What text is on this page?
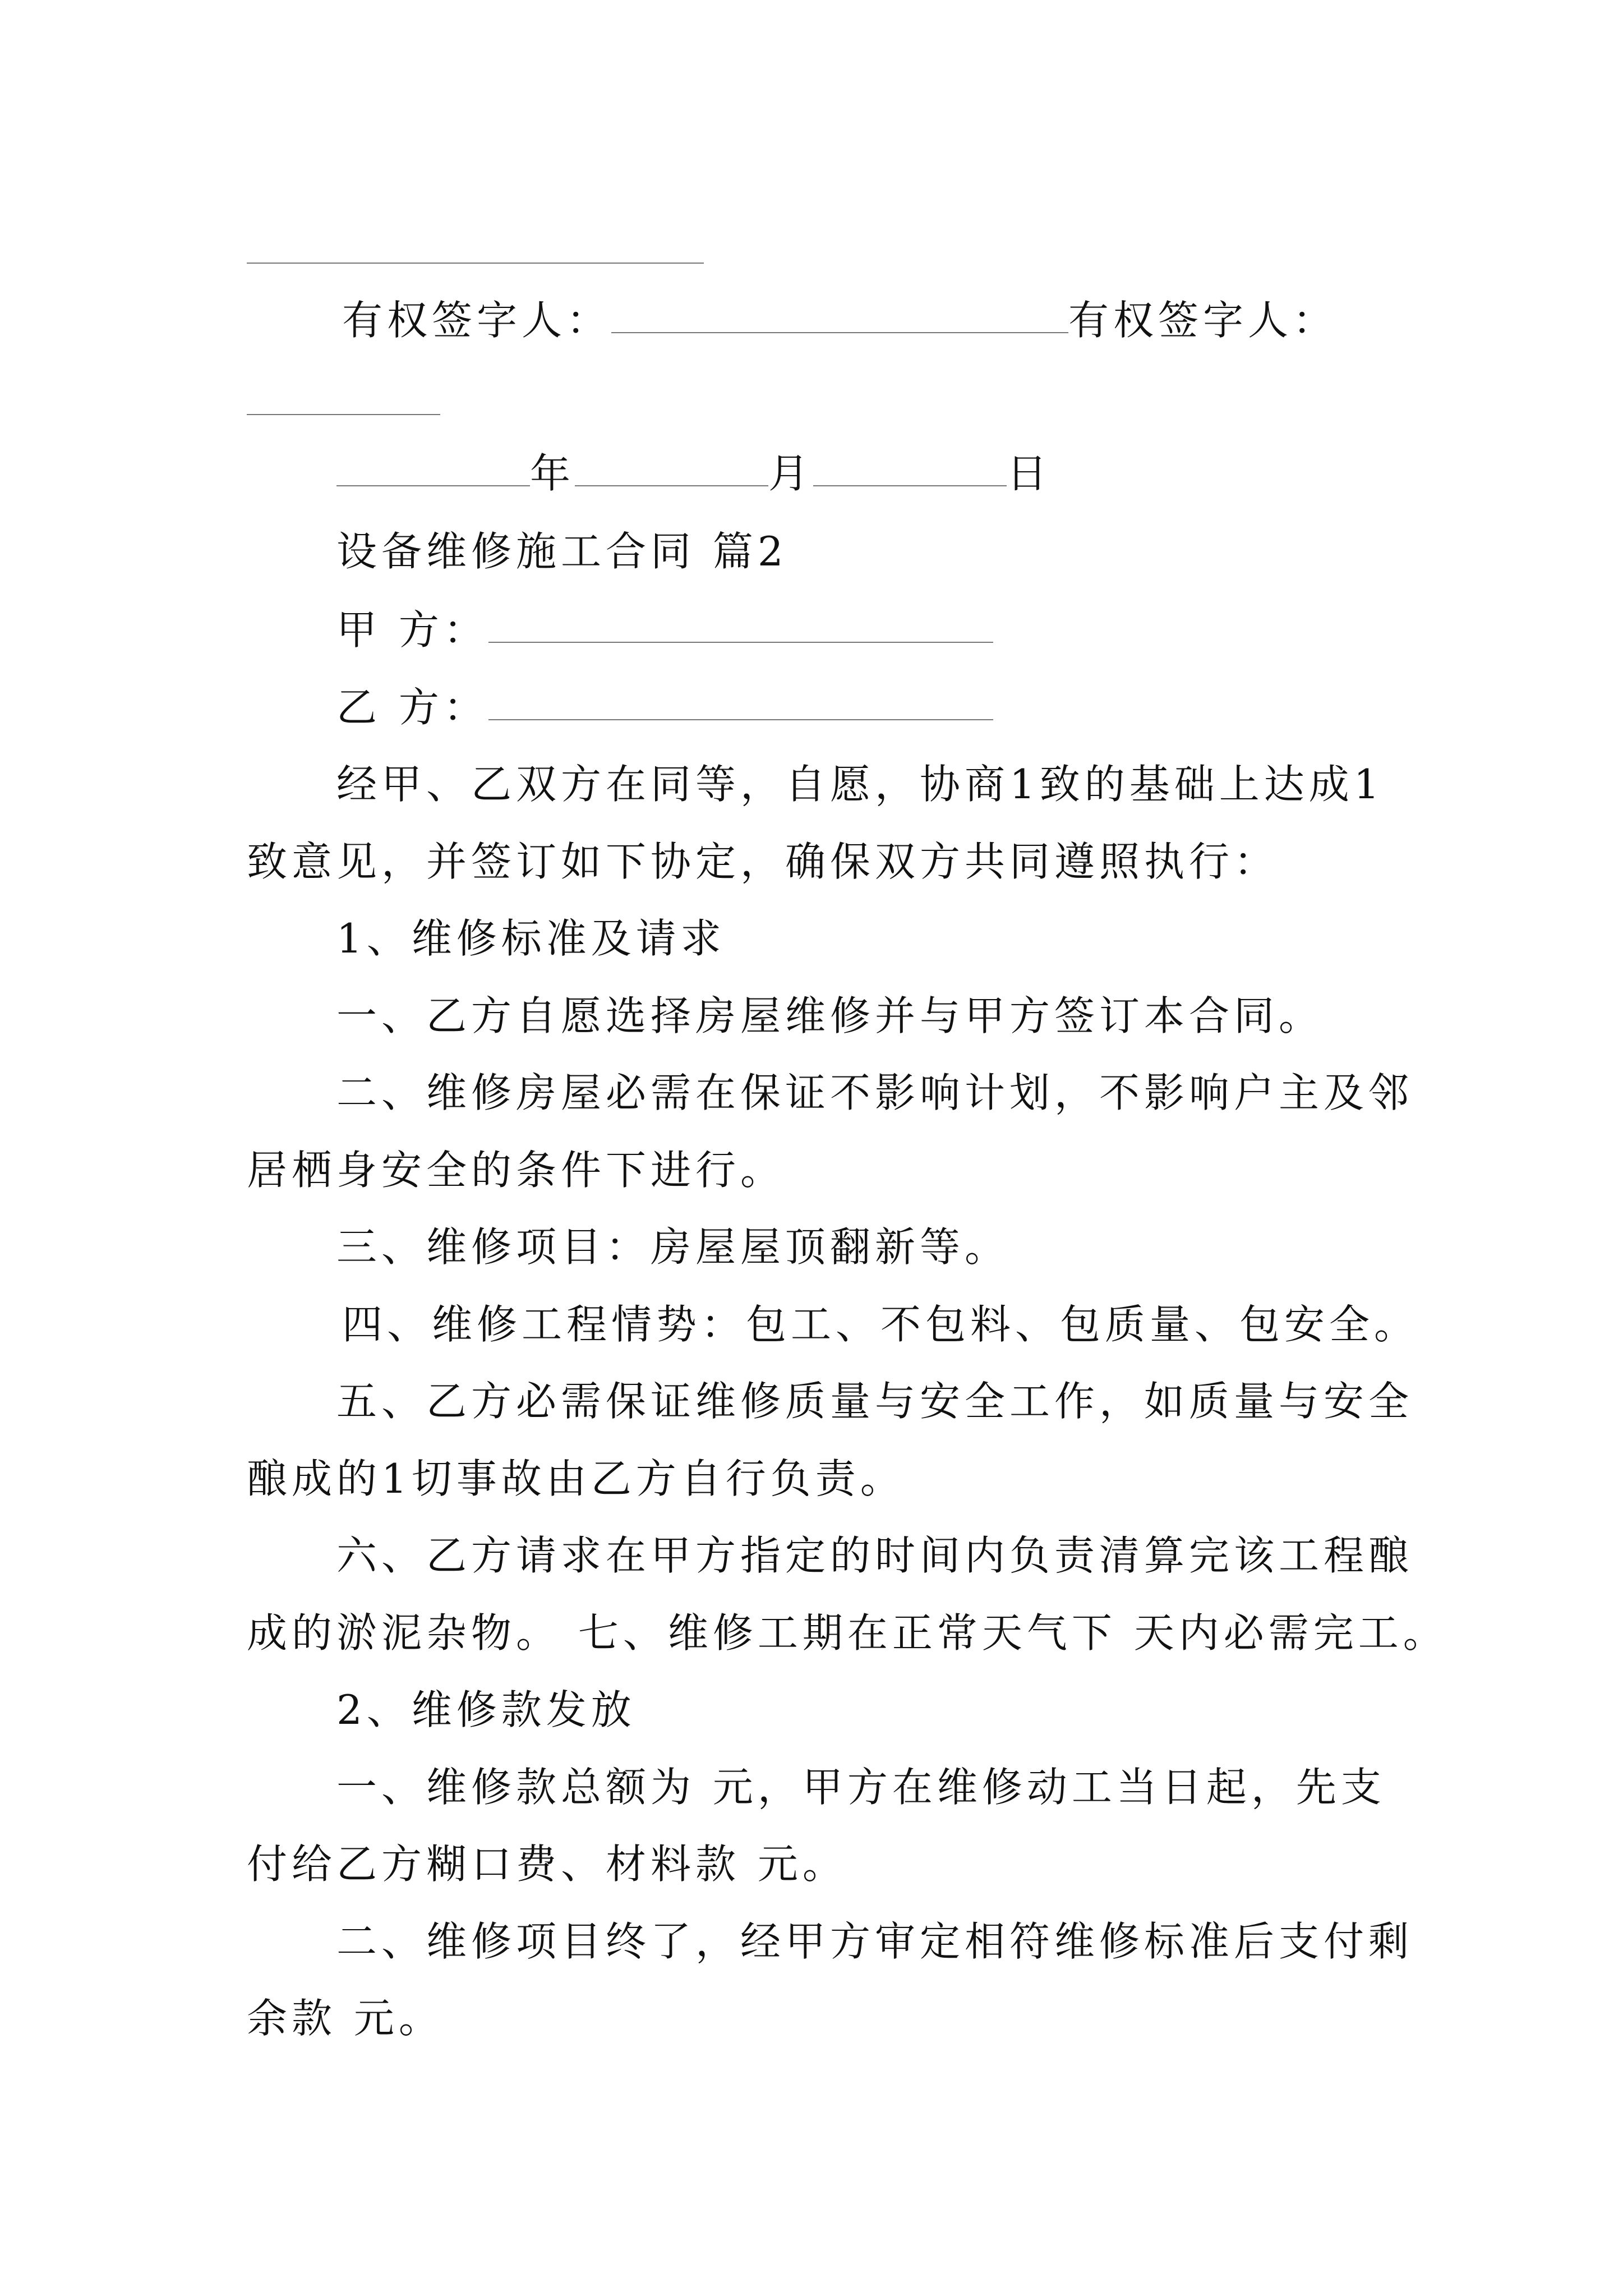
有权签字人：	有权签字人：
年	月	日
设备维修施工合同 篇2
甲 方：
乙 方：
经甲、乙双方在同等，自愿，协商1致的基础上达成1
致意见，并签订如下协定，确保双方共同遵照执行：
1、维修标准及请求
一、乙方自愿选择房屋维修并与甲方签订本合同。
二、维修房屋必需在保证不影响计划，不影响户主及邻
居栖身安全的条件下进行。
三、维修项目：房屋屋顶翻新等。
四、维修工程情势：包工、不包料、包质量、包安全。
五、乙方必需保证维修质量与安全工作，如质量与安全
酿成的1切事故由乙方自行负责。
六、乙方请求在甲方指定的时间内负责清算完该工程酿
成的淤泥杂物。 七、维修工期在正常天气下 天内必需完工。
2、维修款发放
一、维修款总额为 元，甲方在维修动工当日起，先支
付给乙方糊口费、材料款 元。
二、维修项目终了，经甲方审定相符维修标准后支付剩
余款 元。
